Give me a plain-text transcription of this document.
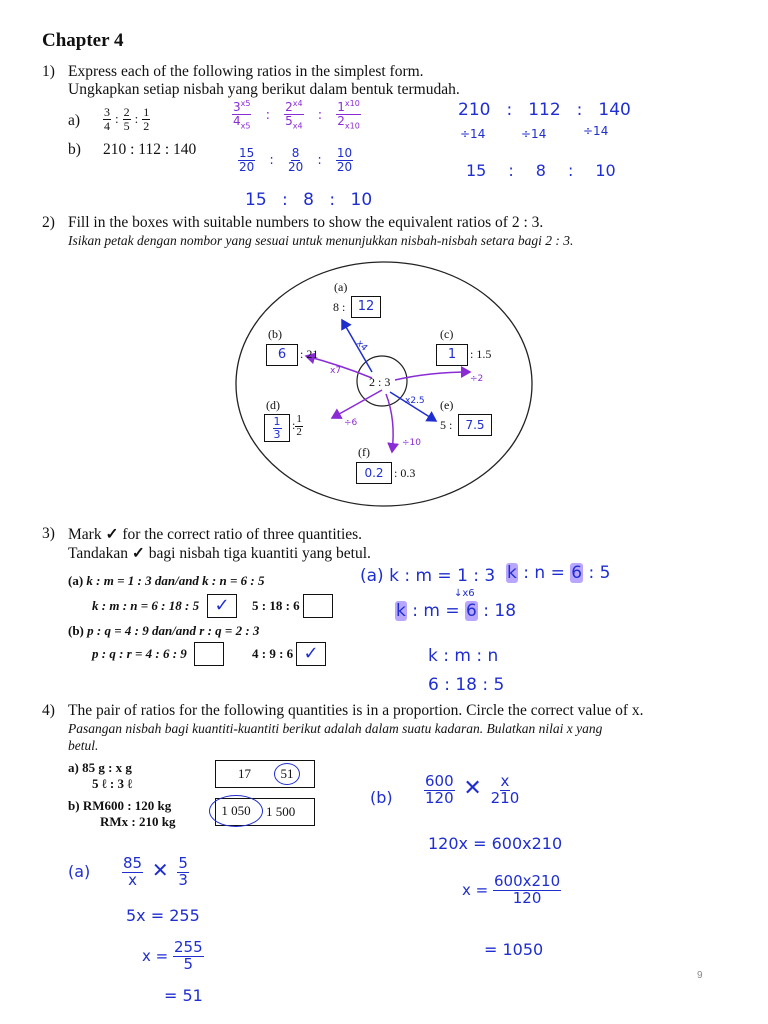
Chapter 4
1) Express each of the following ratios in the simplest form.
Ungkapkan setiap nisbah yang berikut dalam bentuk termudah.
$a) \frac{3}{4}$ : $\frac{2}{5}$ : $\frac{1}{2}$
b) 210 : 112 : 140
$\frac{3^{x5}}{4_{x5}}$ : $\frac{2^{x4}}{5_{x4}}$ : $\frac{1^{x10}}{2_{x10}}$
$\frac{15}{20}$ : $\frac{8}{20}$ : $\frac{10}{20}$
15 : 8 : 10
210 : 112 : 140
÷14	÷14	÷14
15 : 8 : 10
2) Fill in the boxes with suitable numbers to show the equivalent ratios of 2 : 3.
Isikan petak dengan nombor yang sesuai untuk menunjukkan nisbah-nisbah setara bagi 2 : 3.
2 : 3
(a)
8 : 12
x4
(b)
6	: 21
x7
(c)
1	: 1.5
÷2
(d)
$\frac{1}{3}$ : $\frac{1}{2}$	÷6
(e)
5 :	7.5
x2.5
(f)
0.2 : 0.3
÷10
3) Mark ✓ for the correct ratio of three quantities.
Tandakan ✓ bagi nisbah tiga kuantiti yang betul.
(a) k : m = 1 : 3 dan/and k : n = 6 : 5
k : m : n = 6 : 18 : 5 ✓	5 : 18 : 6
(b) p : q = 4 : 9 dan/and r : q = 2 : 3
p : q : r = 4 : 6 : 9	4 : 9 : 6 ✓
(a) k : m = 1 : 3 k : n = 6 : 5
↓x6
k : m = 6 : 18
k : m : n
6 : 18 : 5
4) The pair of ratios for the following quantities is in a proportion. Circle the correct value of x.
Pasangan nisbah bagi kuantiti-kuantiti berikut adalah dalam suatu kadaran. Bulatkan nilai x yang
betul.
a) 85 g : x g
5 ℓ : 3 ℓ
17	51
b) RM600 : 120 kg
RMx : 210 kg
1 050	1 500
$(a) \frac{85}{x}$ ✕ $\frac{5}{3}$
5x = 255
$x = \frac{255}{5}$
= 51
$(b) \frac{600}{120}$ ✕ $\frac{x}{210}$
120x = 600x210
$x = \frac{600x210}{120}$
= 1050
9
